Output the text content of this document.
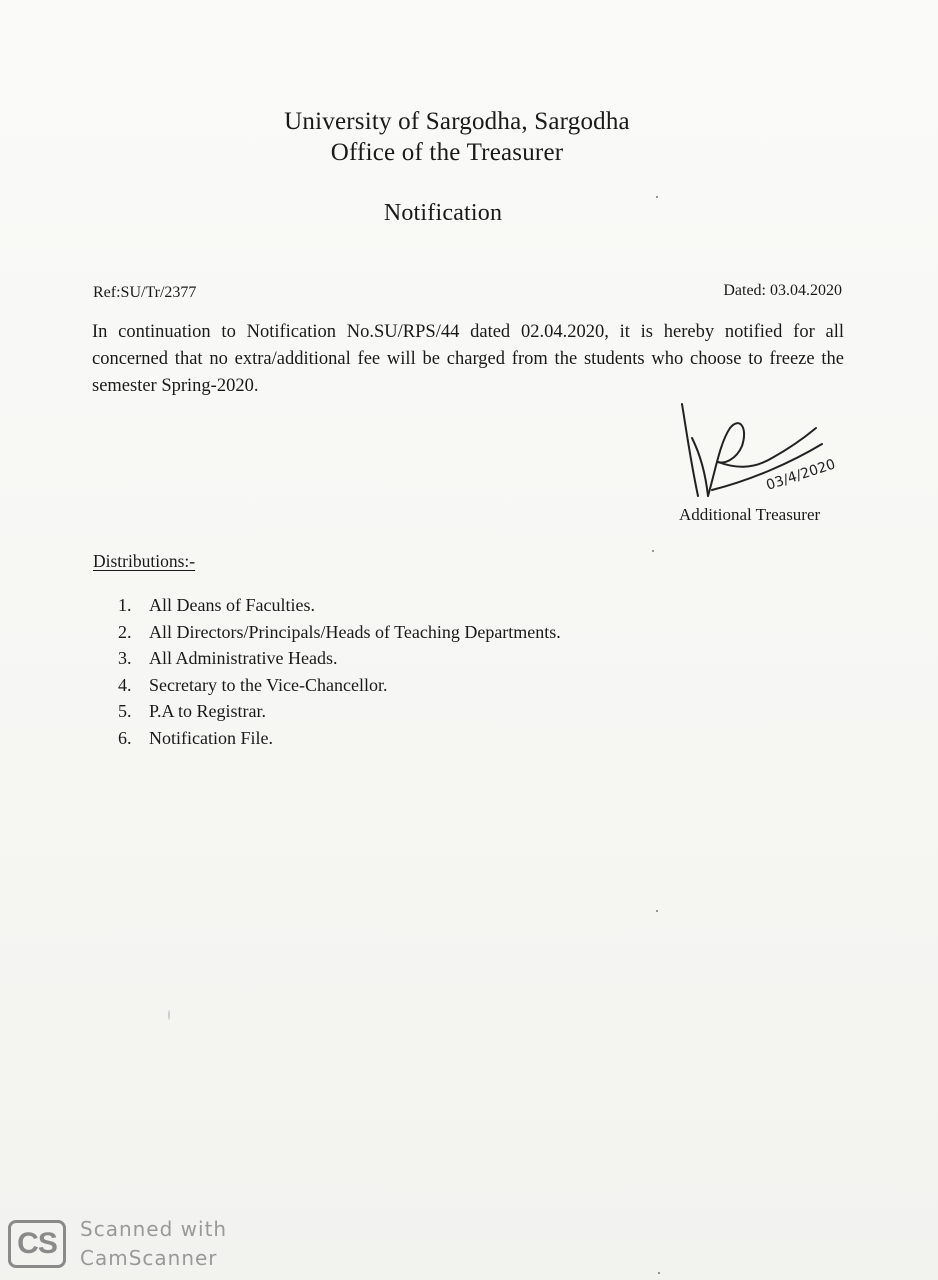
University of Sargodha, Sargodha
Office of the Treasurer
Notification
Ref:SU/Tr/2377	Dated: 03.04.2020
In continuation to Notification No.SU/RPS/44 dated 02.04.2020, it is hereby notified for all concerned that no extra/additional fee will be charged from the students who choose to freeze the semester Spring-2020.
03/4/2020
Additional Treasurer
Distributions:-
1. All Deans of Faculties.
2. All Directors/Principals/Heads of Teaching Departments.
3. All Administrative Heads.
4. Secretary to the Vice-Chancellor.
5. P.A to Registrar.
6. Notification File.
CS	Scanned with
CamScanner
